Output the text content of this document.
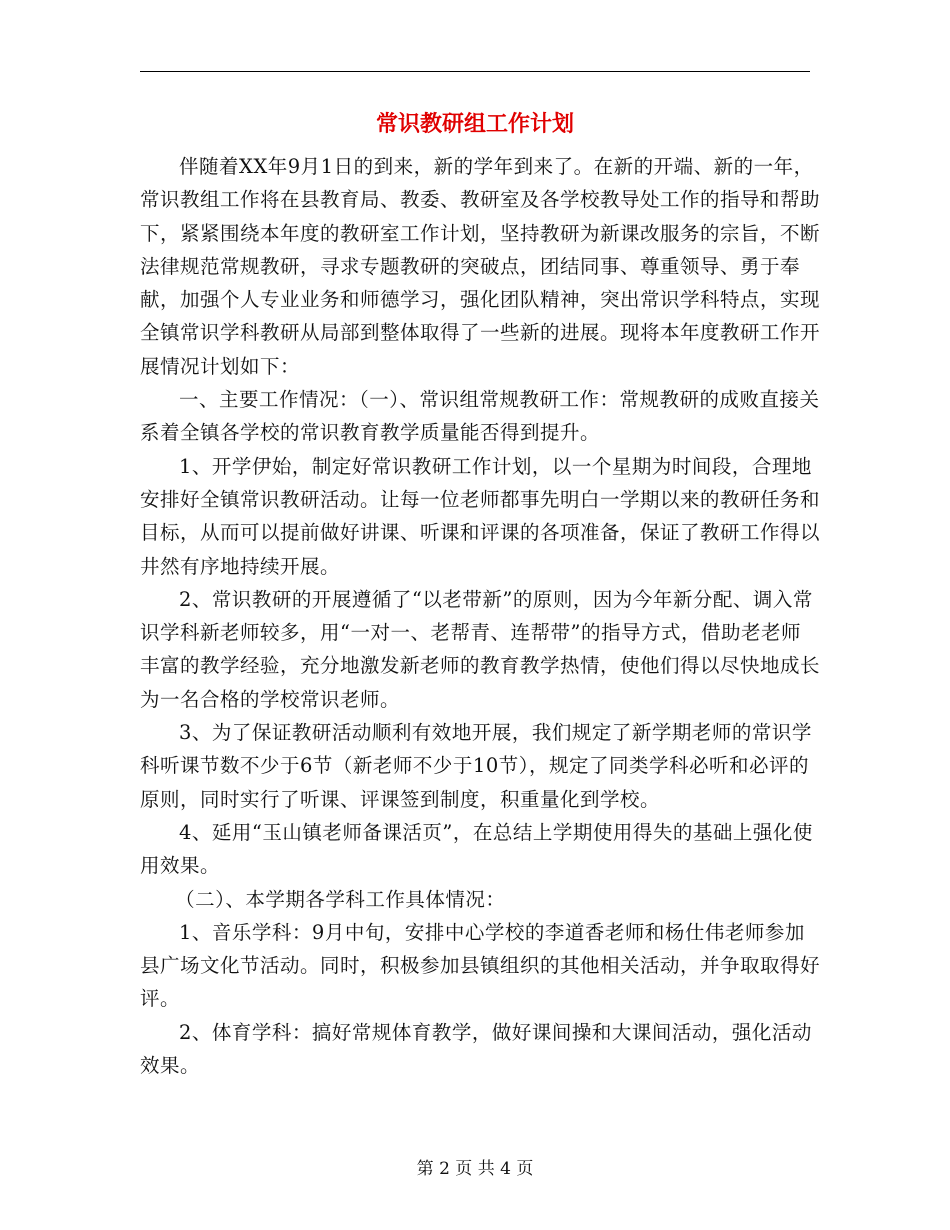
常识教研组工作计划

伴随着XX年9月1日的到来，新的学年到来了。在新的开端、新的一年，常识教组工作将在县教育局、教委、教研室及各学校教导处工作的指导和帮助下，紧紧围绕本年度的教研室工作计划，坚持教研为新课改服务的宗旨，不断法律规范常规教研，寻求专题教研的突破点，团结同事、尊重领导、勇于奉献，加强个人专业业务和师德学习，强化团队精神，突出常识学科特点，实现全镇常识学科教研从局部到整体取得了一些新的进展。现将本年度教研工作开展情况计划如下：

一、主要工作情况：（一）、常识组常规教研工作：常规教研的成败直接关系着全镇各学校的常识教育教学质量能否得到提升。

1、开学伊始，制定好常识教研工作计划，以一个星期为时间段，合理地安排好全镇常识教研活动。让每一位老师都事先明白一学期以来的教研任务和目标，从而可以提前做好讲课、听课和评课的各项准备，保证了教研工作得以井然有序地持续开展。

2、常识教研的开展遵循了“以老带新”的原则，因为今年新分配、调入常识学科新老师较多，用“一对一、老帮青、连帮带”的指导方式，借助老老师丰富的教学经验，充分地激发新老师的教育教学热情，使他们得以尽快地成长为一名合格的学校常识老师。

3、为了保证教研活动顺利有效地开展，我们规定了新学期老师的常识学科听课节数不少于6节（新老师不少于10节），规定了同类学科必听和必评的原则，同时实行了听课、评课签到制度，积重量化到学校。

4、延用“玉山镇老师备课活页”，在总结上学期使用得失的基础上强化使用效果。

（二）、本学期各学科工作具体情况：

1、音乐学科：9月中旬，安排中心学校的李道香老师和杨仕伟老师参加县广场文化节活动。同时，积极参加县镇组织的其他相关活动，并争取取得好评。

2、体育学科：搞好常规体育教学，做好课间操和大课间活动，强化活动效果。

第 2 页 共 4 页
